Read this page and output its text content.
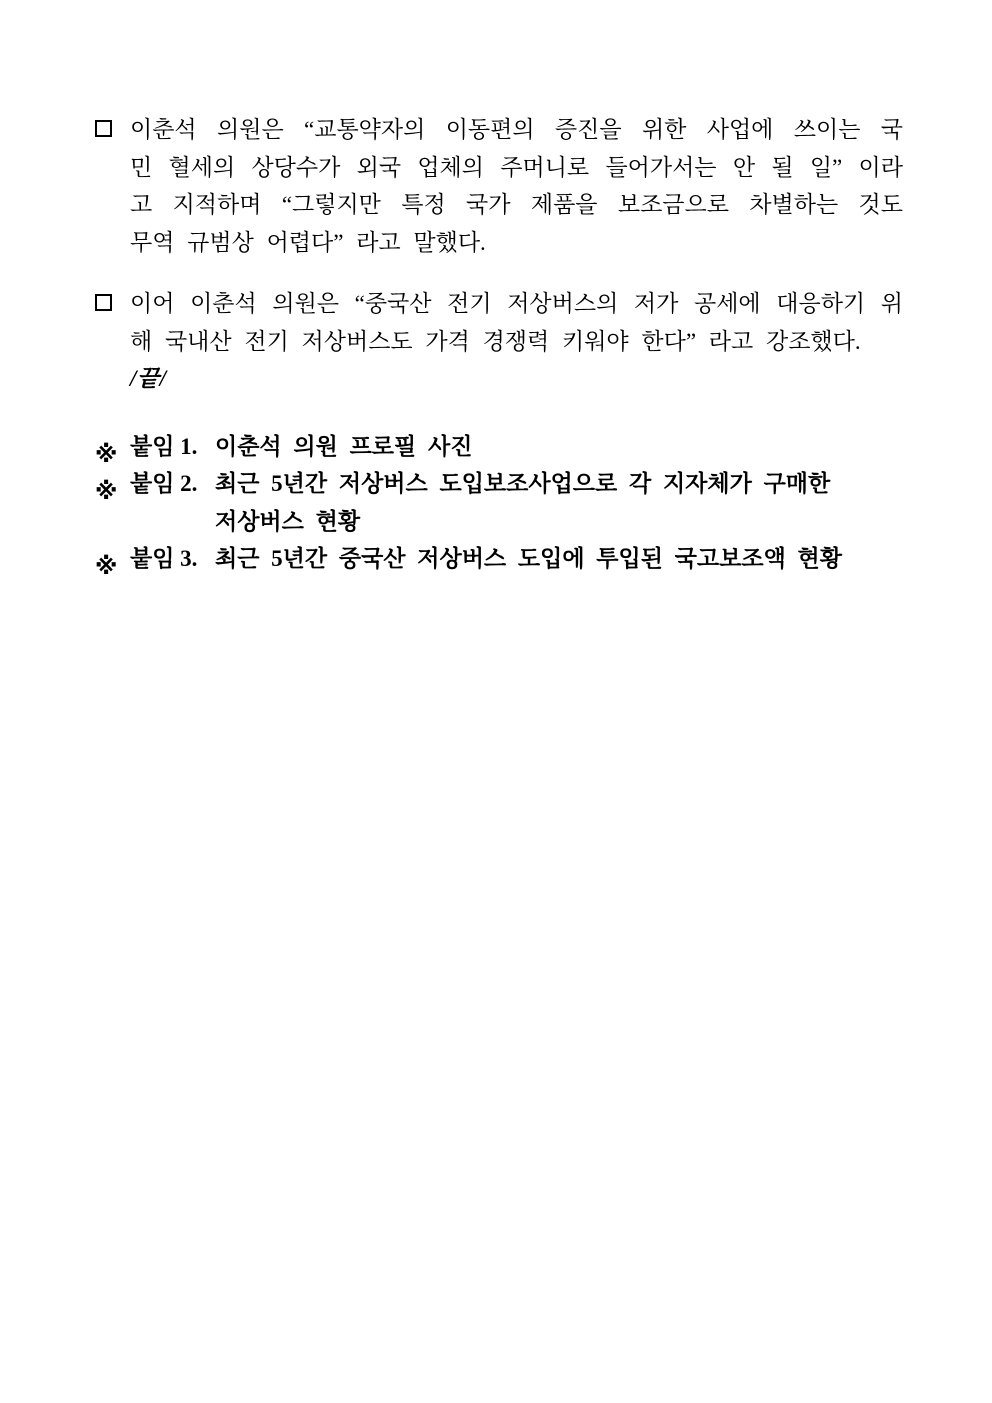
이춘석 의원은 “교통약자의 이동편의 증진을 위한 사업에 쓰이는 국
민 혈세의 상당수가 외국 업체의 주머니로 들어가서는 안 될 일” 이라
고 지적하며 “그렇지만 특정 국가 제품을 보조금으로 차별하는 것도
무역 규범상 어렵다” 라고 말했다.
이어 이춘석 의원은 “중국산 전기 저상버스의 저가 공세에 대응하기 위
해 국내산 전기 저상버스도 가격 경쟁력 키워야 한다” 라고 강조했다.
/끝/
※ 붙임 1. 이춘석 의원 프로필 사진
※ 붙임 2. 최근 5년간 저상버스 도입보조사업으로 각 지자체가 구매한
저상버스 현황
※ 붙임 3. 최근 5년간 중국산 저상버스 도입에 투입된 국고보조액 현황
